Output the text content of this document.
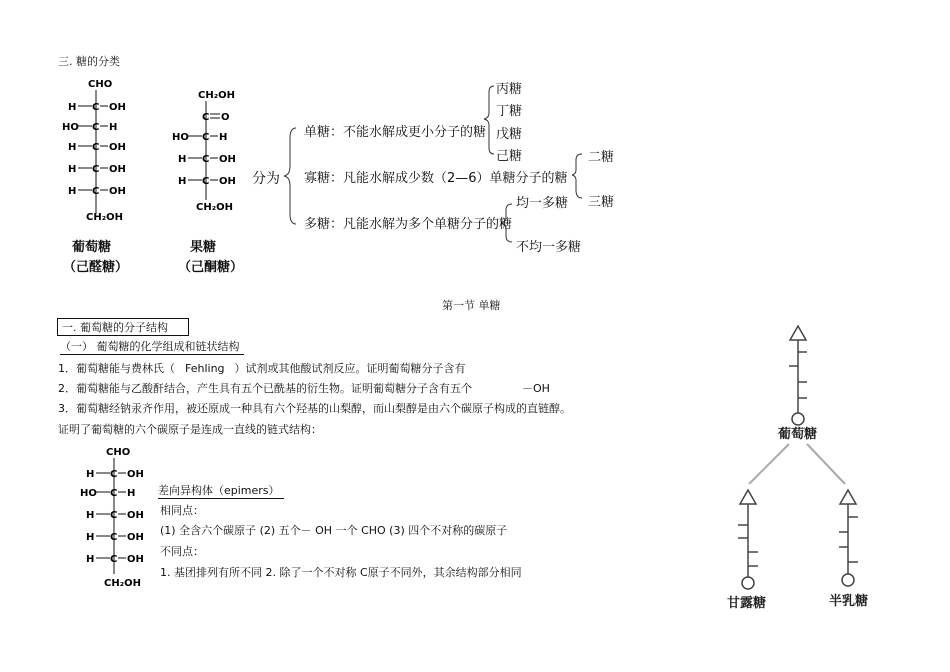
三. 糖的分类
CHO
H C OH
HO C H
H C OH
H C OH
H C OH
CH₂OH
葡萄糖
（己醛糖）
CH₂OH
C O
HO C H
H C OH
H C OH
CH₂OH
果糖
（己酮糖）
分为
单糖：不能水解成更小分子的糖
丙糖
丁糖
戊糖
己糖
寡糖：凡能水解成少数（2—6）单糖分子的糖
二糖
三糖
多糖：凡能水解为多个单糖分子的糖
均一多糖
不均一多糖
第一节 单糖
一. 葡萄糖的分子结构
（一） 葡萄糖的化学组成和链状结构
1．葡萄糖能与费林氏（ Fehling ）试剂或其他酸试剂反应。证明葡萄糖分子含有
2．葡萄糖能与乙酸酐结合，产生具有五个已酰基的衍生物。证明葡萄糖分子含有五个	－OH
3．葡萄糖经钠汞齐作用，被还原成一种具有六个羟基的山梨醇，而山梨醇是由六个碳原子构成的直链醇。
证明了葡萄糖的六个碳原子是连成一直线的链式结构：
CHO
H C OH
HO C H
H C OH
H C OH
H C OH
CH₂OH
差向异构体（epimers）
相同点：
(1) 全含六个碳原子 (2) 五个－ OH 一个 CHO (3) 四个不对称的碳原子
不同点：
1. 基团排列有所不同 2. 除了一个不对称 C原子不同外，其余结构部分相同
葡萄糖
甘露糖	半乳糖
